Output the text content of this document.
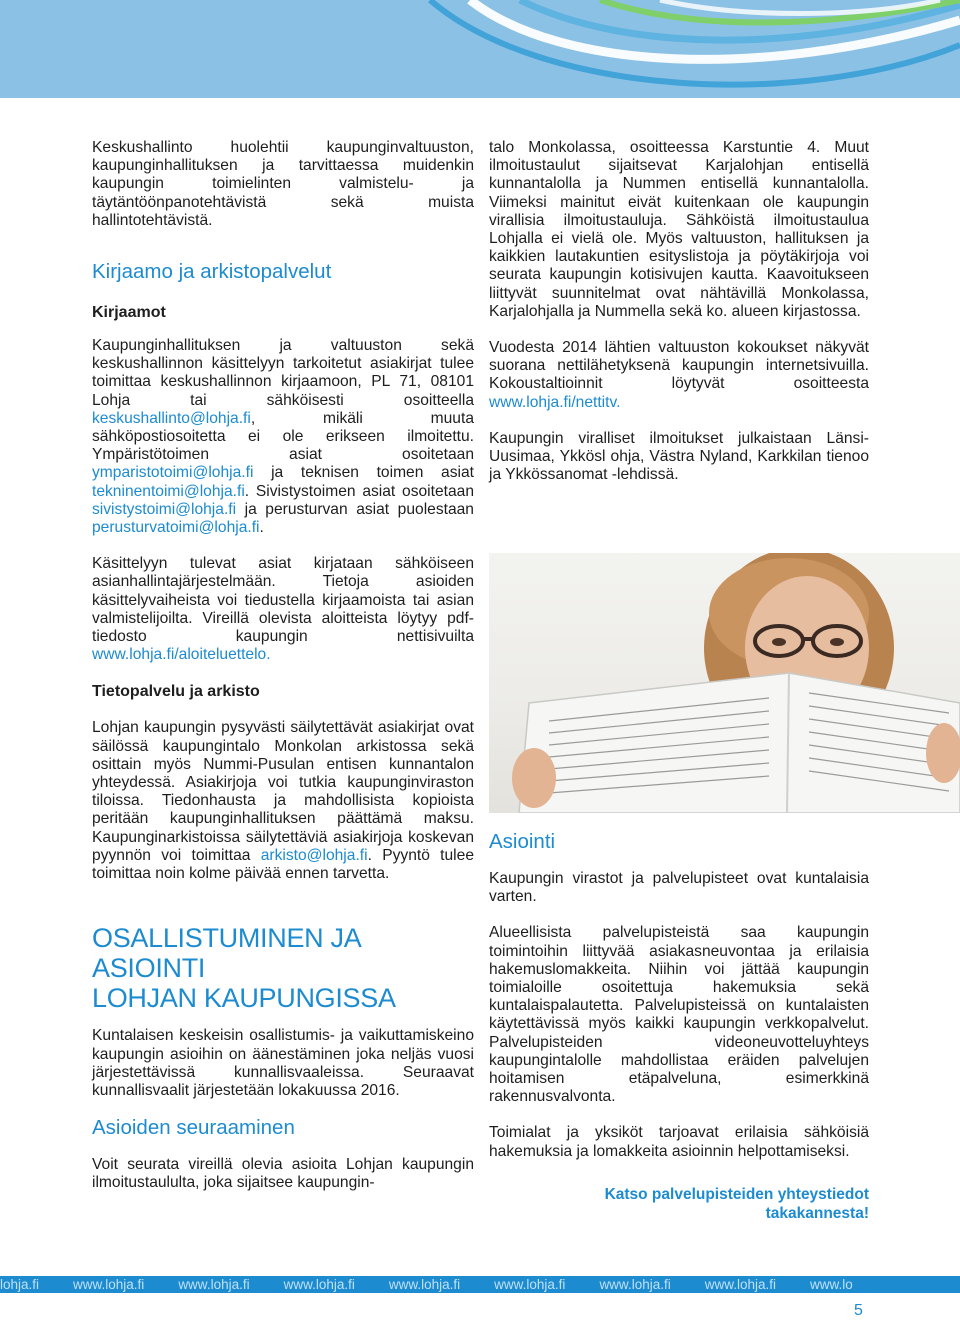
Keskushallinto huolehtii kaupunginvaltuuston, kaupunginhallituksen ja tarvittaessa muidenkin kaupungin toimielinten valmistelu- ja täytäntöönpanotehtävistä sekä muista hallintotehtävistä.

Kirjaamo ja arkistopalvelut
Kirjaamot

Kaupunginhallituksen ja valtuuston sekä keskushallinnon käsittelyyn tarkoitetut asiakirjat tulee toimittaa keskushallinnon kirjaamoon, PL 71, 08101 Lohja tai sähköisesti osoitteella keskushallinto@lohja.fi, mikäli muuta sähköpostiosoitetta ei ole erikseen ilmoitettu. Ympäristötoimen asiat osoitetaan ymparistotoimi@lohja.fi ja teknisen toimen asiat tekninentoimi@lohja.fi. Sivistystoimen asiat osoitetaan sivistystoimi@lohja.fi ja perusturvan asiat puolestaan perusturvatoimi@lohja.fi.

Käsittelyyn tulevat asiat kirjataan sähköiseen asianhallintajärjestelmään. Tietoja asioiden käsittelyvaiheista voi tiedustella kirjaamoista tai asian valmistelijoilta. Vireillä olevista aloitteista löytyy pdf-tiedosto kaupungin nettisivuilta www.lohja.fi/aloiteluettelo.

Tietopalvelu ja arkisto

Lohjan kaupungin pysyvästi säilytettävät asiakirjat ovat säilössä kaupungintalo Monkolan arkistossa sekä osittain myös Nummi-Pusulan entisen kunnantalon yhteydessä. Asiakirjoja voi tutkia kaupunginviraston tiloissa. Tiedonhausta ja mahdollisista kopioista peritään kaupunginhallituksen päättämä maksu. Kaupunginarkistoissa säilytettäviä asiakirjoja koskevan pyynnön voi toimittaa arkisto@lohja.fi. Pyyntö tulee toimittaa noin kolme päivää ennen tarvetta.

OSALLISTUMINEN JA ASIOINTI
LOHJAN KAUPUNGISSA

Kuntalaisen keskeisin osallistumis- ja vaikuttamiskeino kaupungin asioihin on äänestäminen joka neljäs vuosi järjestettävissä kunnallisvaaleissa. Seuraavat kunnallisvaalit järjestetään lokakuussa 2016.

Asioiden seuraaminen

Voit seurata vireillä olevia asioita Lohjan kaupungin ilmoitustaululta, joka sijaitsee kaupungin-

talo Monkolassa, osoitteessa Karstuntie 4. Muut ilmoitustaulut sijaitsevat Karjalohjan entisellä kunnantalolla ja Nummen entisellä kunnantalolla. Viimeksi mainitut eivät kuitenkaan ole kaupungin virallisia ilmoitustauluja. Sähköistä ilmoitustaulua Lohjalla ei vielä ole. Myös valtuuston, hallituksen ja kaikkien lautakuntien esityslistoja ja pöytäkirjoja voi seurata kaupungin kotisivujen kautta. Kaavoitukseen liittyvät suunnitelmat ovat nähtävillä Monkolassa, Karjalohjalla ja Nummella sekä ko. alueen kirjastossa.

Vuodesta 2014 lähtien valtuuston kokoukset näkyvät suorana nettilähetyksenä kaupungin internetsivuilla. Kokoustaltioinnit löytyvät osoitteesta www.lohja.fi/nettitv.

Kaupungin viralliset ilmoitukset julkaistaan Länsi-Uusimaa, Ykkösl ohja, Västra Nyland, Karkkilan tienoo ja Ykkössanomat -lehdissä.

Asiointi

Kaupungin virastot ja palvelupisteet ovat kuntalaisia varten.

Alueellisista palvelupisteistä saa kaupungin toimintoihin liittyvää asiakasneuvontaa ja erilaisia hakemuslomakkeita. Niihin voi jättää kaupungin toimialoille osoitettuja hakemuksia sekä kuntalaispalautetta. Palvelupisteissä on kuntalaisten käytettävissä myös kaikki kaupungin verkkopalvelut. Palvelupisteiden videoneuvotteluyhteys kaupungintalolle mahdollistaa eräiden palvelujen hoitamisen etäpalveluna, esimerkkinä rakennusvalvonta.

Toimialat ja yksiköt tarjoavat erilaisia sähköisiä hakemuksia ja lomakkeita asioinnin helpottamiseksi.

Katso palvelupisteiden yhteystiedot
takakannesta!
lohja.fi	www.lohja.fi	www.lohja.fi	www.lohja.fi	www.lohja.fi	www.lohja.fi	www.lohja.fi	www.lohja.fi	www.lo
5
